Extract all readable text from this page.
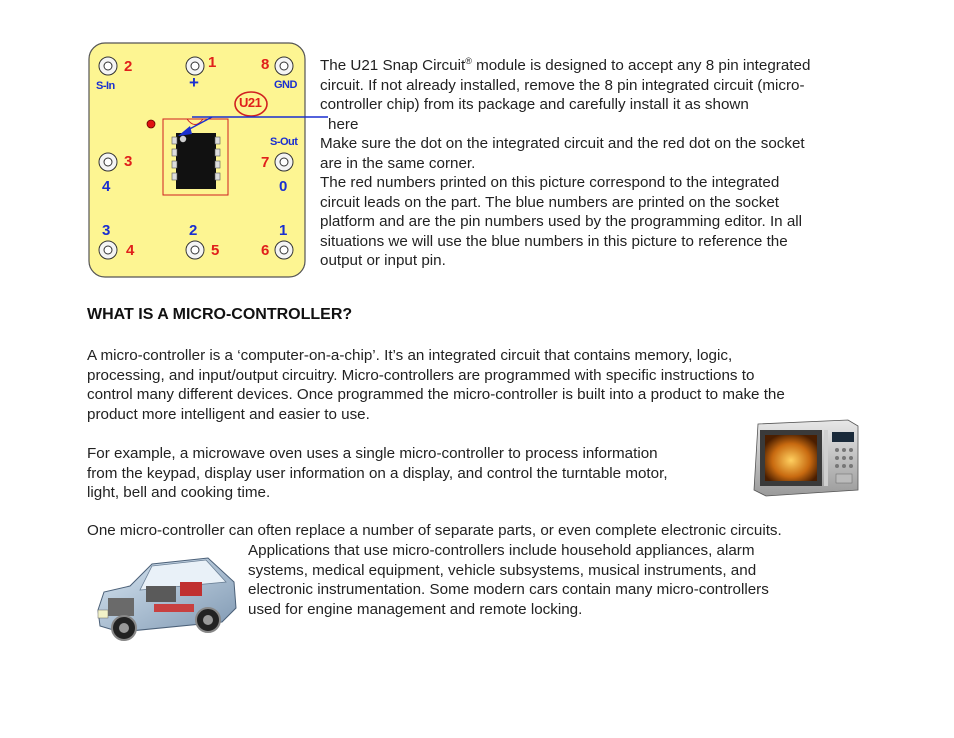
2	1	8
3	7
4	5	6
4	0
3	2	1
S-In	+	GND
S-Out
U21
The U21 Snap Circuit® module is designed to accept any 8 pin integrated
circuit. If not already installed, remove the 8 pin integrated circuit (micro-
controller chip) from its package and carefully install it as shown
here
Make sure the dot on the integrated circuit and the red dot on the socket
are in the same corner.
The red numbers printed on this picture correspond to the integrated
circuit leads on the part. The blue numbers are printed on the socket
platform and are the pin numbers used by the programming editor. In all
situations we will use the blue numbers in this picture to reference the
output or input pin.
WHAT IS A MICRO-CONTROLLER?
A micro-controller is a ‘computer-on-a-chip’. It’s an integrated circuit that contains memory, logic,
processing, and input/output circuitry. Micro-controllers are programmed with specific instructions to
control many different devices. Once programmed the micro-controller is built into a product to make the
product more intelligent and easier to use.
For example, a microwave oven uses a single micro-controller to process information
from the keypad, display user information on a display, and control the turntable motor,
light, bell and cooking time.
One micro-controller can often replace a number of separate parts, or even complete electronic circuits.
Applications that use micro-controllers include household appliances, alarm
systems, medical equipment, vehicle subsystems, musical instruments, and
electronic instrumentation. Some modern cars contain many micro-controllers
used for engine management and remote locking.
